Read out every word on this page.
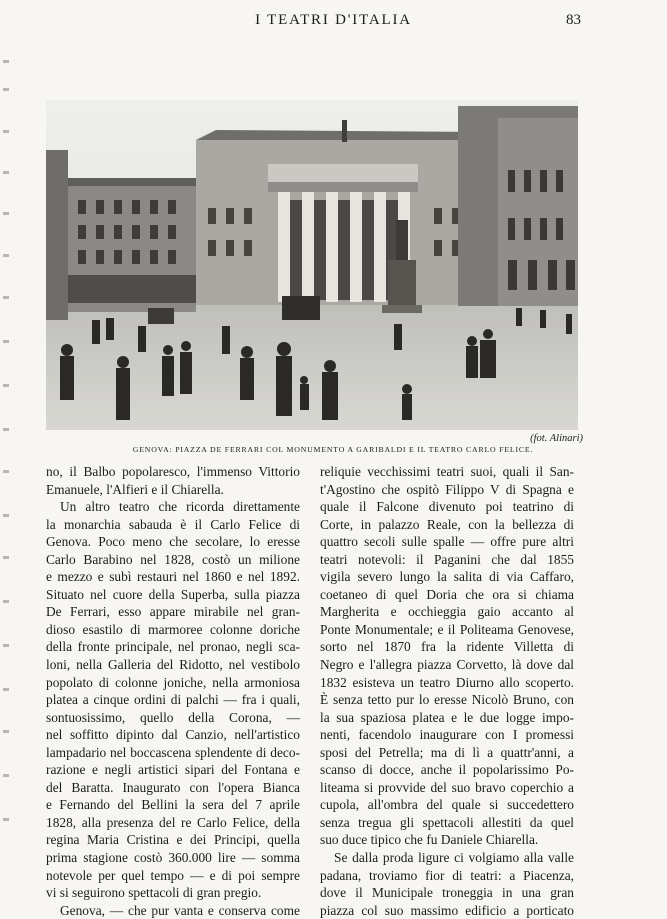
I TEATRI D'ITALIA	83
(fot. Alinari)
GENOVA: PIAZZA DE FERRARI COL MONUMENTO A GARIBALDI E IL TEATRO CARLO FELICE.
no, il Balbo popolaresco, l'immenso Vittorio
Emanuele, l'Alfieri e il Chiarella.
Un altro teatro che ricorda direttamente
la monarchia sabauda è il Carlo Felice di
Genova. Poco meno che secolare, lo eresse
Carlo Barabino nel 1828, costò un milione
e mezzo e subì restauri nel 1860 e nel 1892.
Situato nel cuore della Superba, sulla piazza
De Ferrari, esso appare mirabile nel gran-
dioso esastilo di marmoree colonne doriche
della fronte principale, nel pronao, negli sca-
loni, nella Galleria del Ridotto, nel vestibolo
popolato di colonne joniche, nella armoniosa
platea a cinque ordini di palchi — fra i quali,
sontuosissimo, quello della Corona, —
nel soffitto dipinto dal Canzio, nell'artistico
lampadario nel boccascena splendente di deco-
razione e negli artistici sipari del Fontana e
del Baratta. Inaugurato con l'opera Bianca
e Fernando del Bellini la sera del 7 aprile
1828, alla presenza del re Carlo Felice, della
regina Maria Cristina e dei Principi, quella
prima stagione costò 360.000 lire — somma
notevole per quel tempo — e di poi sempre
vi si seguirono spettacoli di gran pregio.
Genova, — che pur vanta e conserva come
reliquie vecchissimi teatri suoi, quali il San-
t'Agostino che ospitò Filippo V di Spagna e
quale il Falcone divenuto poi teatrino di
Corte, in palazzo Reale, con la bellezza di
quattro secoli sulle spalle — offre pure altri
teatri notevoli: il Paganini che dal 1855
vigila severo lungo la salita di via Caffaro,
coetaneo di quel Doria che ora si chiama
Margherita e occhieggia gaio accanto al
Ponte Monumentale; e il Politeama Genovese,
sorto nel 1870 fra la ridente Villetta di
Negro e l'allegra piazza Corvetto, là dove dal
1832 esisteva un teatro Diurno allo scoperto.
È senza tetto pur lo eresse Nicolò Bruno, con
la sua spaziosa platea e le due logge impo-
nenti, facendolo inaugurare con I promessi
sposi del Petrella; ma di lì a quattr'anni, a
scanso di docce, anche il popolarissimo Po-
liteama si provvide del suo bravo coperchio a
cupola, all'ombra del quale si succedettero
senza tregua gli spettacoli allestiti da quel
suo duce tipico che fu Daniele Chiarella.
Se dalla proda ligure ci volgiamo alla valle
padana, troviamo fior di teatri: a Piacenza,
dove il Municipale troneggia in una gran
piazza col suo massimo edificio a porticato
